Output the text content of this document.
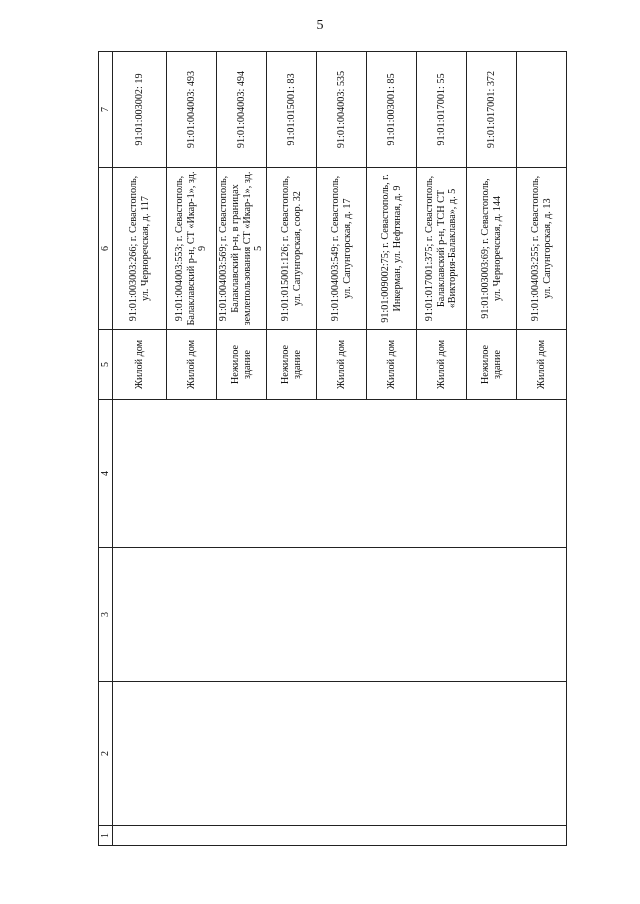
5
1	2	3	4	5	6	7
				Жилой дом	91:01:003003:266; г. Севастополь, ул. Черноречская, д. 117	91:01:003002: 19
				Жилой дом	91:01:004003:553; г. Севастополь, Балаклавский р-н, СТ «Икар-1», зд. 9	91:01:004003: 493
				Нежилое здание	91:01:004003:569; г. Севастополь, Балаклавский р-н, в границах землепользования СТ «Икар-1», зд. 5	91:01:004003: 494
				Нежилое здание	91:01:015001:126; г. Севастополь, ул. Сапунгорская, соор. 32	91:01:015001: 83
				Жилой дом	91:01:004003:549; г. Севастополь, ул. Сапунгорская, д. 17	91:01:004003: 535
				Жилой дом	91:01:009002:75; г. Севастополь, г. Инкерман, ул. Нефтяная, д. 9	91:01:003001: 85
				Жилой дом	91:01:017001:375; г. Севастополь, Балаклавский р-н, ТСН СТ «Виктория-Балаклава», д. 5	91:01:017001: 55
				Нежилое здание	91:01:003003:69; г. Севастополь, ул. Черноречская, д. 144	91:01:017001: 372
				Жилой дом	91:01:004003:255; г. Севастополь, ул. Сапунгорская, д. 13	
